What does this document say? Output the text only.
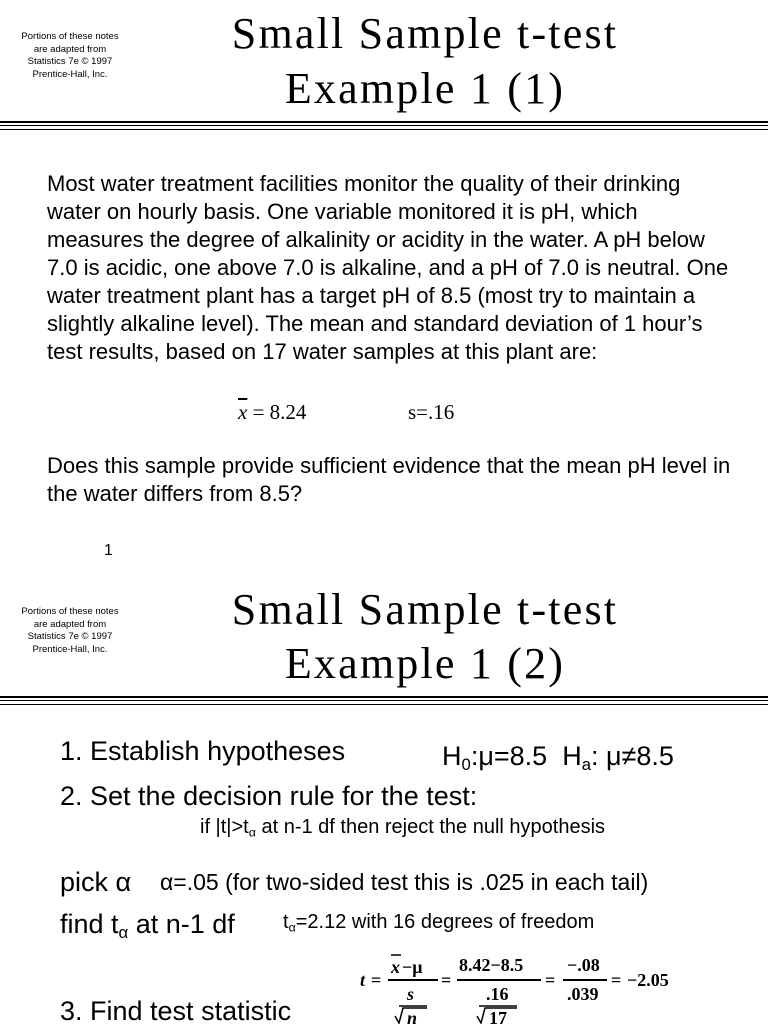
Portions of these notes are adapted from Statistics 7e © 1997 Prentice-Hall, Inc.
Small Sample t-test
Example 1 (1)
Most water treatment facilities monitor the quality of their drinking water on hourly basis. One variable monitored it is pH, which measures the degree of alkalinity or acidity in the water. A pH below 7.0 is acidic, one above 7.0 is alkaline, and a pH of 7.0 is neutral. One water treatment plant has a target pH of 8.5 (most try to maintain a slightly alkaline level). The mean and standard deviation of 1 hour’s test results, based on 17 water samples at this plant are:
$\overline{x} = 8.24$	s=.16
Does this sample provide sufficient evidence that the mean pH level in the water differs from 8.5?
1
Portions of these notes are adapted from Statistics 7e © 1997 Prentice-Hall, Inc.
Small Sample t-test
Example 1 (2)
1. Establish hypotheses	$H_0:\mu=8.5$ $H_a$: μ≠8.5
2. Set the decision rule for the test:
if $|t|>t_\alpha$ at n-1 df then reject the null hypothesis
pick α α=.05 (for two-sided test this is .025 in each tail)
find $t_\alpha$ at n-1 df $t_\alpha=2.12$ with 16 degrees of freedom
3. Find test statistic
t =
x −μ
s
n
=
8.42−8.5
.16
17
=
−.08
.039
= −2.05
